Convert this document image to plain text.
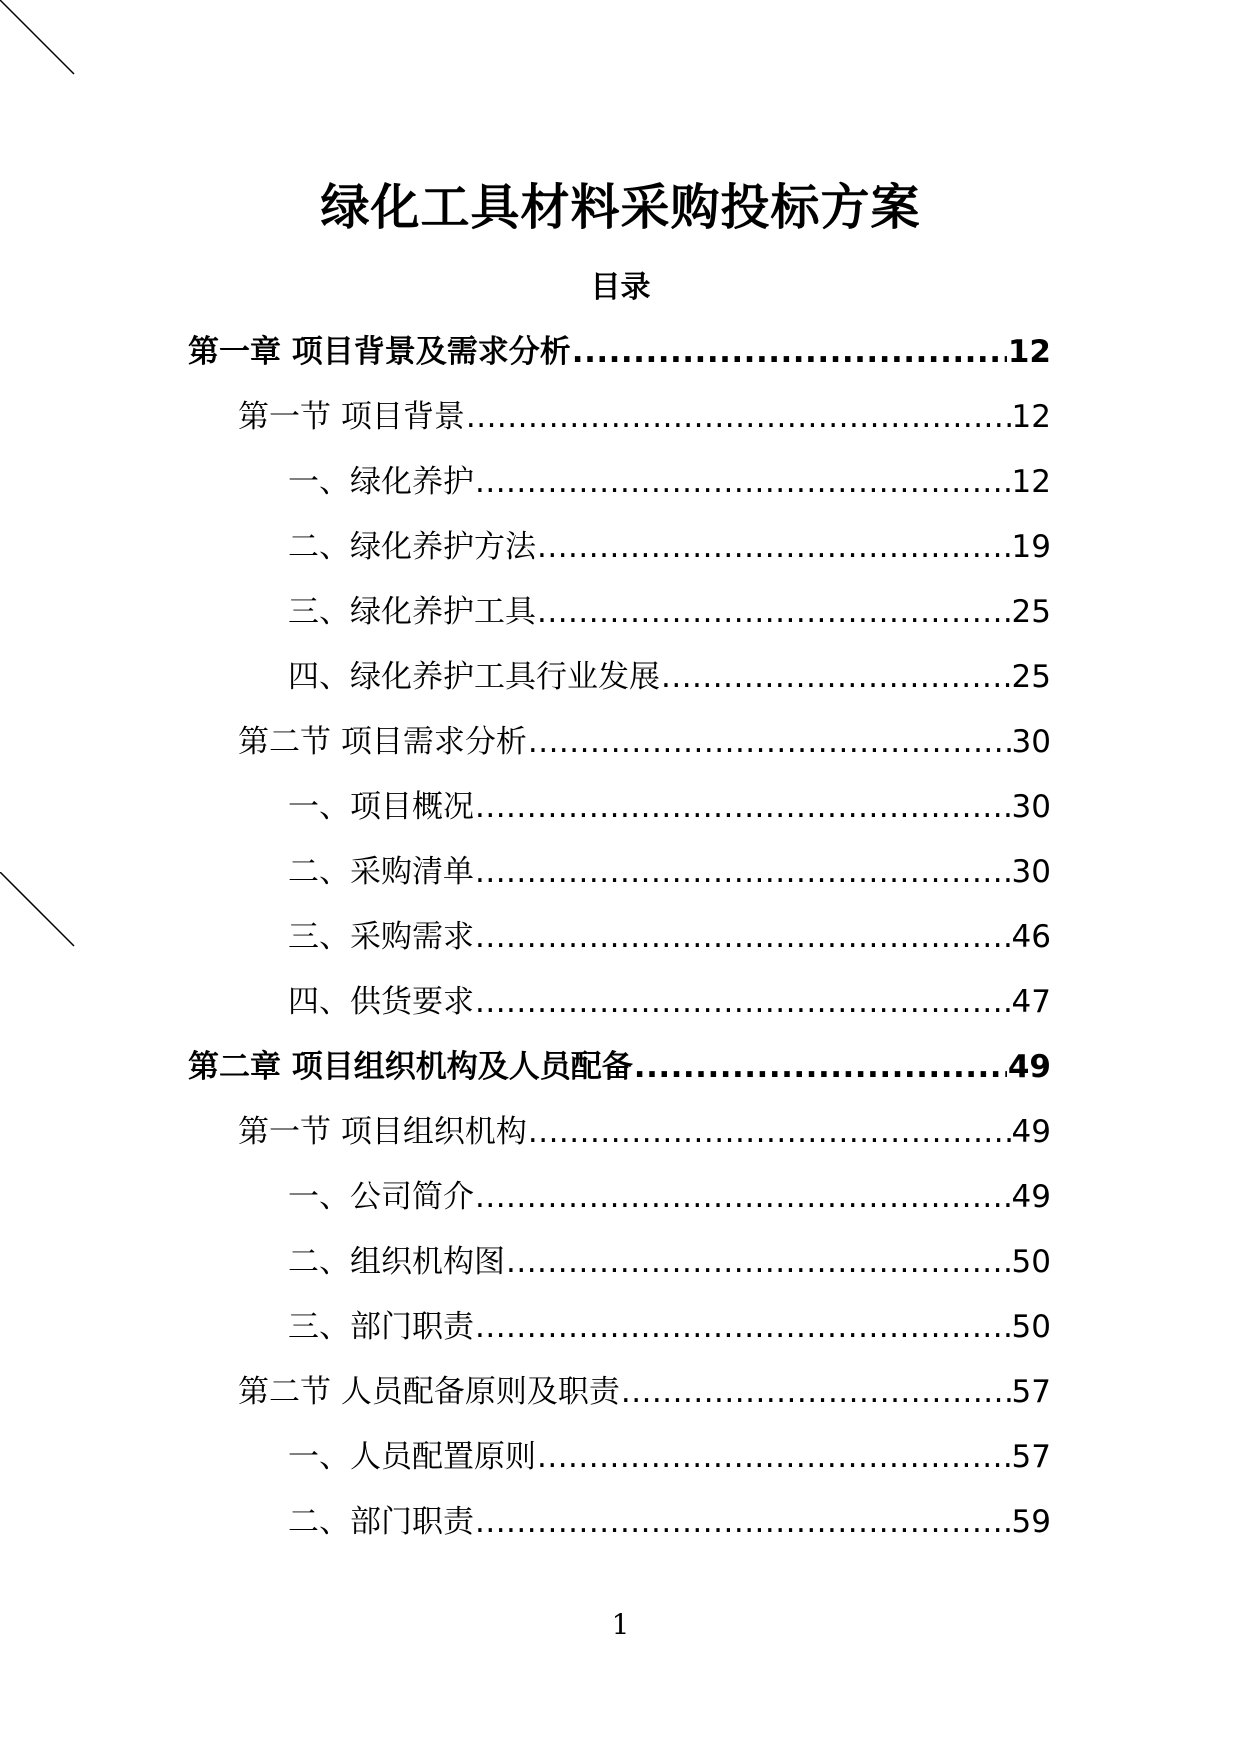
绿化工具材料采购投标方案
目录
第一章 项目背景及需求分析 .....	12
第一节 项目背景 .....	12
一、绿化养护 .....	12
二、绿化养护方法 .....	19
三、绿化养护工具 .....	25
四、绿化养护工具行业发展 .....	25
第二节 项目需求分析 .....	30
一、项目概况 .....	30
二、采购清单 .....	30
三、采购需求 .....	46
四、供货要求 .....	47
第二章 项目组织机构及人员配备 .....	49
第一节 项目组织机构 .....	49
一、公司简介 .....	49
二、组织机构图 .....	50
三、部门职责 .....	50
第二节 人员配备原则及职责 .....	57
一、人员配置原则 .....	57
二、部门职责 .....	59
1
